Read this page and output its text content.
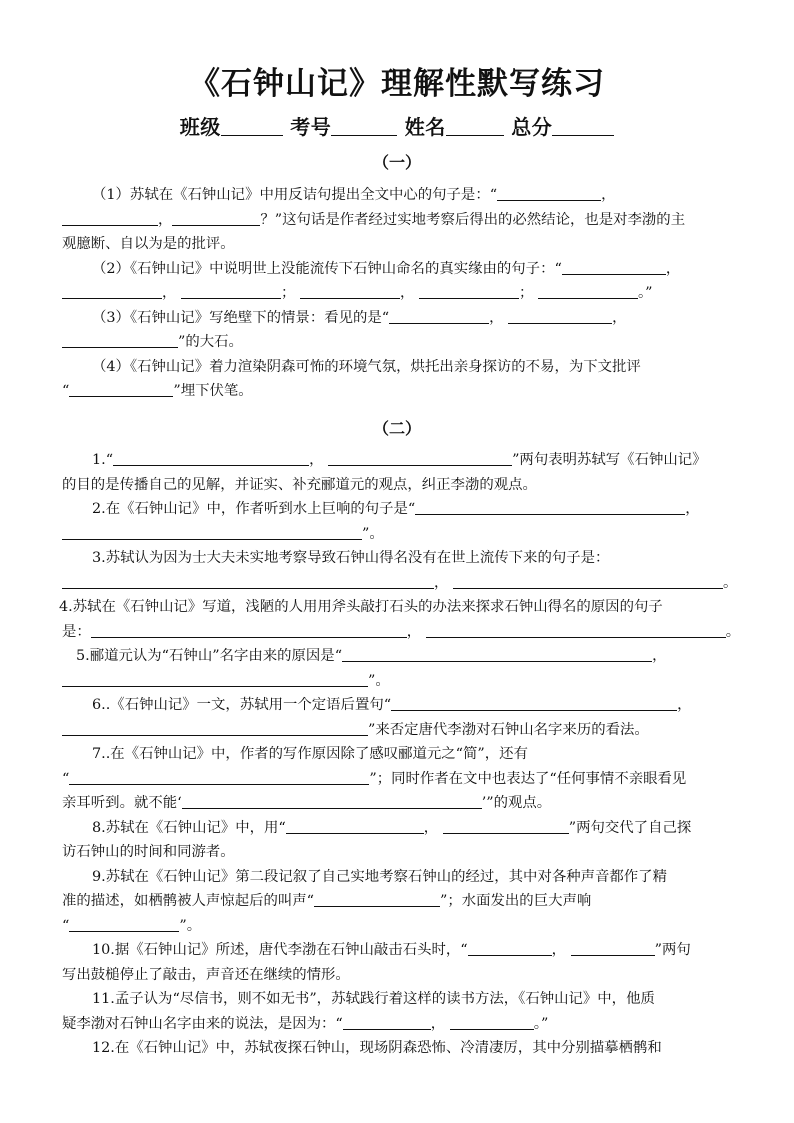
《石钟山记》理解性默写练习
班级	考号	姓名	总分
（一）
（1）苏轼在《石钟山记》中用反诘句提出全文中心的句子是：“	，
，	？”这句话是作者经过实地考察后得出的必然结论，也是对李渤的主
观臆断、自以为是的批评。
（2）《石钟山记》中说明世上没能流传下石钟山命名的真实缘由的句子：“	，
，	；	，	；	。”
（3）《石钟山记》写绝壁下的情景：看见的是“	，	，
”的大石。
（4）《石钟山记》着力渲染阴森可怖的环境气氛，烘托出亲身探访的不易，为下文批评
“	”埋下伏笔。
（二）
1.“	，	”两句表明苏轼写《石钟山记》
的目的是传播自己的见解，并证实、补充郦道元的观点，纠正李渤的观点。
2.在《石钟山记》中，作者听到水上巨响的句子是“	，
”。
3.苏轼认为因为士大夫未实地考察导致石钟山得名没有在世上流传下来的句子是：
，	。
4.苏轼在《石钟山记》写道，浅陋的人用用斧头敲打石头的办法来探求石钟山得名的原因的句子
是：	，	。
5.郦道元认为“石钟山”名字由来的原因是“	，
”。
6..《石钟山记》一文，苏轼用一个定语后置句“	，
”来否定唐代李渤对石钟山名字来历的看法。
7..在《石钟山记》中，作者的写作原因除了感叹郦道元之“简”，还有
“	”；同时作者在文中也表达了“任何事情不亲眼看见
亲耳听到。就不能‘	’”的观点。
8.苏轼在《石钟山记》中，用“	，	”两句交代了自己探
访石钟山的时间和同游者。
9.苏轼在《石钟山记》第二段记叙了自己实地考察石钟山的经过，其中对各种声音都作了精
准的描述，如栖鹘被人声惊起后的叫声“	”；水面发出的巨大声响
“	”。
10.据《石钟山记》所述，唐代李渤在石钟山敲击石头时，“	，	”两句
写出鼓槌停止了敲击，声音还在继续的情形。
11.孟子认为“尽信书，则不如无书”，苏轼践行着这样的读书方法，《石钟山记》中，他质
疑李渤对石钟山名字由来的说法，是因为：“	，	。”
12.在《石钟山记》中，苏轼夜探石钟山，现场阴森恐怖、冷清凄厉，其中分别描摹栖鹘和
